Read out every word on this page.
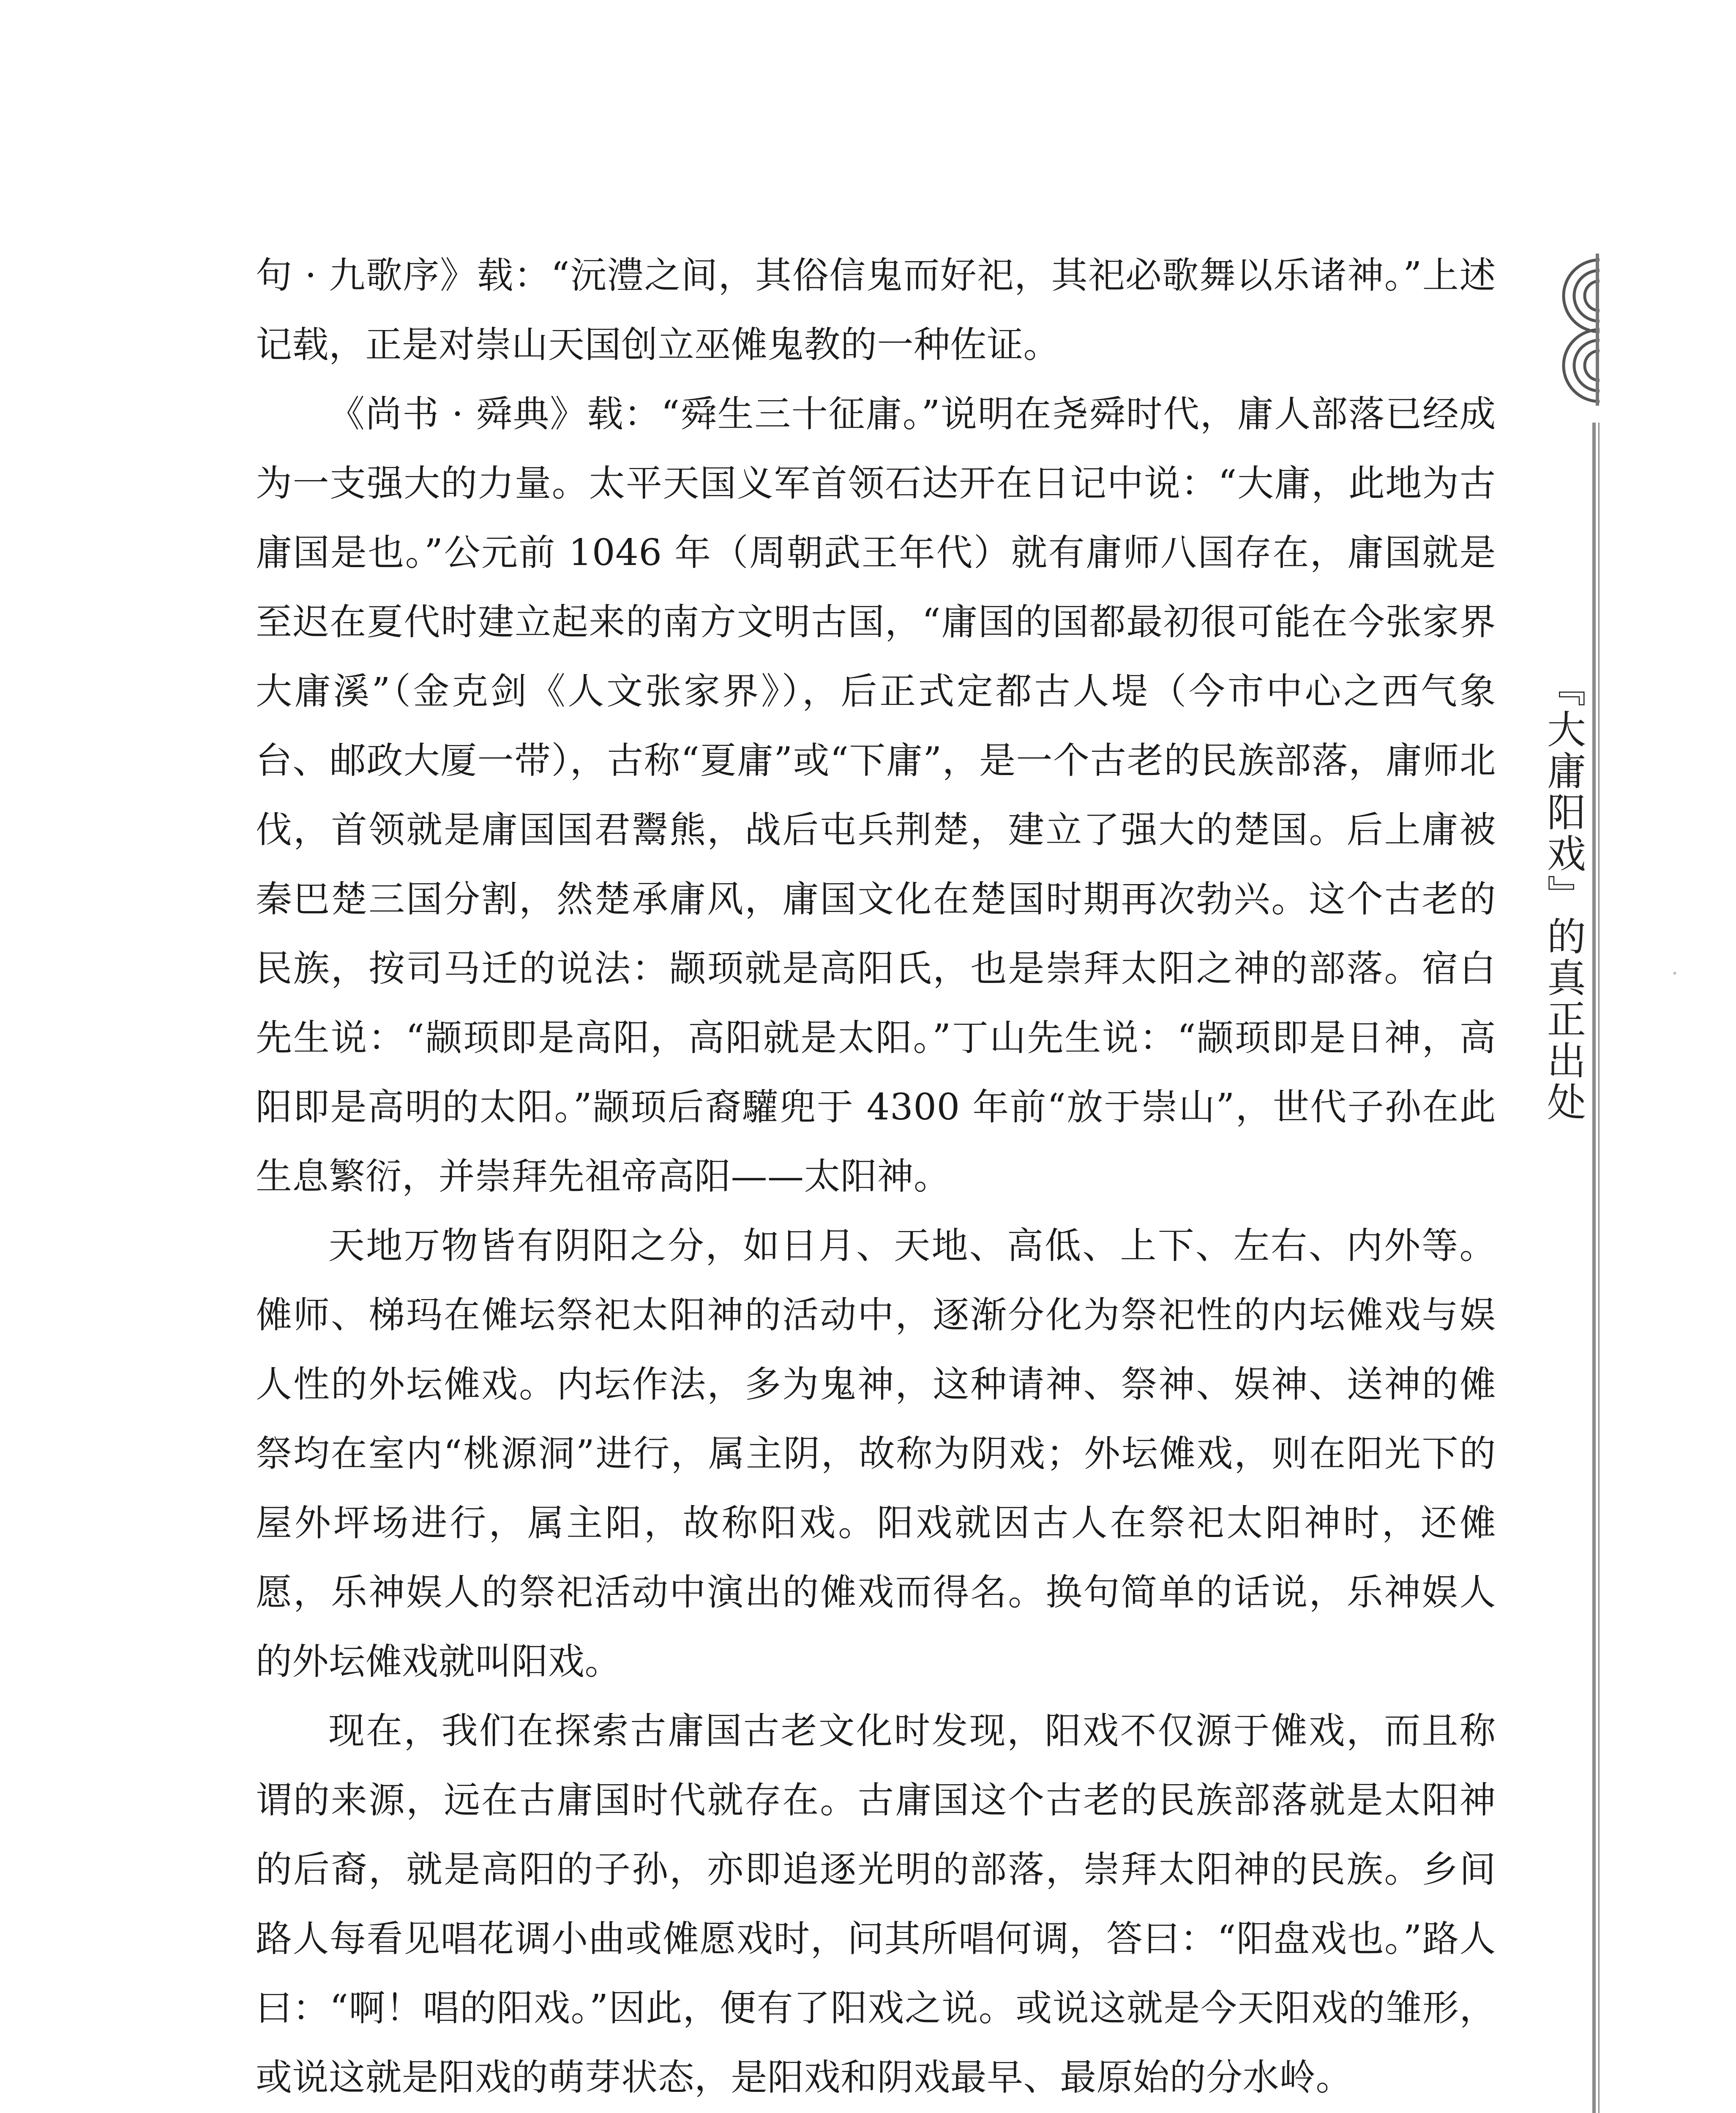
句 · 九歌序》载：“沅澧之间，其俗信鬼而好祀，其祀必歌舞以乐诸神。”上述记载，正是对崇山天国创立巫傩鬼教的一种佐证。

《尚书 · 舜典》载：“舜生三十征庸。”说明在尧舜时代，庸人部落已经成为一支强大的力量。太平天国义军首领石达开在日记中说：“大庸，此地为古庸国是也。”公元前 1046 年（周朝武王年代）就有庸师八国存在，庸国就是至迟在夏代时建立起来的南方文明古国，“庸国的国都最初很可能在今张家界大庸溪”（金克剑《人文张家界》），后正式定都古人堤（今市中心之西气象台、邮政大厦一带），古称“夏庸”或“下庸”，是一个古老的民族部落，庸师北伐，首领就是庸国国君鬻熊，战后屯兵荆楚，建立了强大的楚国。后上庸被秦巴楚三国分割，然楚承庸风，庸国文化在楚国时期再次勃兴。这个古老的民族，按司马迁的说法：颛顼就是高阳氏，也是崇拜太阳之神的部落。宿白先生说：“颛顼即是高阳，高阳就是太阳。”丁山先生说：“颛顼即是日神，高阳即是高明的太阳。”颛顼后裔驩兜于 4300 年前“放于崇山”，世代子孙在此生息繁衍，并崇拜先祖帝高阳——太阳神。

天地万物皆有阴阳之分，如日月、天地、高低、上下、左右、内外等。傩师、梯玛在傩坛祭祀太阳神的活动中，逐渐分化为祭祀性的内坛傩戏与娱人性的外坛傩戏。内坛作法，多为鬼神，这种请神、祭神、娱神、送神的傩祭均在室内“桃源洞”进行，属主阴，故称为阴戏；外坛傩戏，则在阳光下的屋外坪场进行，属主阳，故称阳戏。阳戏就因古人在祭祀太阳神时，还傩愿，乐神娱人的祭祀活动中演出的傩戏而得名。换句简单的话说，乐神娱人的外坛傩戏就叫阳戏。

现在，我们在探索古庸国古老文化时发现，阳戏不仅源于傩戏，而且称谓的来源，远在古庸国时代就存在。古庸国这个古老的民族部落就是太阳神的后裔，就是高阳的子孙，亦即追逐光明的部落，崇拜太阳神的民族。乡间路人每看见唱花调小曲或傩愿戏时，问其所唱何调，答曰：“阳盘戏也。”路人曰：“啊！唱的阳戏。”因此，便有了阳戏之说。或说这就是今天阳戏的雏形，或说这就是阳戏的萌芽状态，是阳戏和阴戏最早、最原始的分水岭。

『大庸阳戏』的真正出处
